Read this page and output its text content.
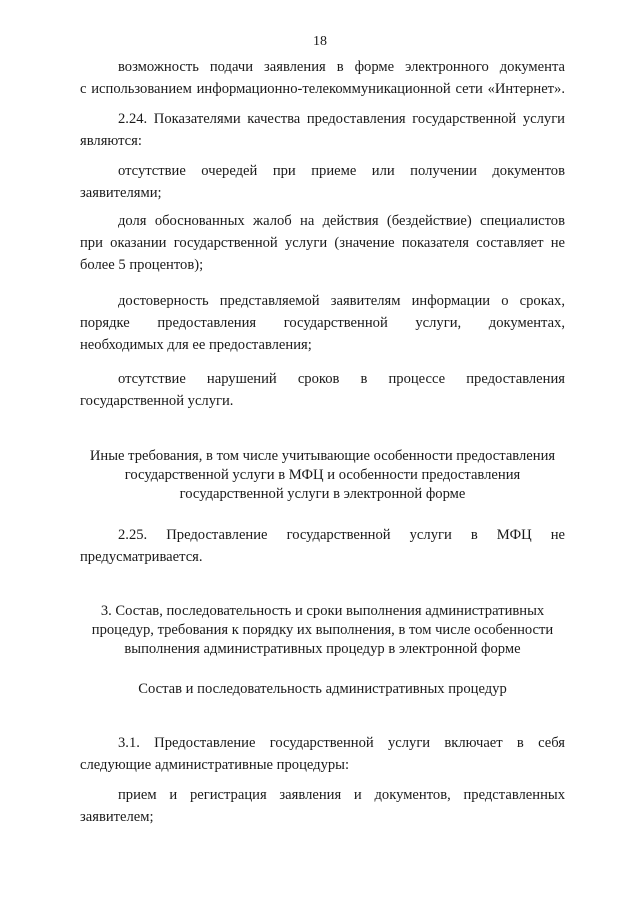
18
возможность подачи заявления в форме электронного документа
с использованием информационно-телекоммуникационной сети «Интернет».
2.24. Показателями качества предоставления государственной услуги
являются:
отсутствие очередей при приеме или получении документов
заявителями;
доля обоснованных жалоб на действия (бездействие) специалистов
при оказании государственной услуги (значение показателя составляет не
более 5 процентов);
достоверность представляемой заявителям информации о сроках,
порядке предоставления государственной услуги, документах,
необходимых для ее предоставления;
отсутствие нарушений сроков в процессе предоставления
государственной услуги.
Иные требования, в том числе учитывающие особенности предоставления
государственной услуги в МФЦ и особенности предоставления
государственной услуги в электронной форме
2.25. Предоставление государственной услуги в МФЦ не
предусматривается.
3. Состав, последовательность и сроки выполнения административных
процедур, требования к порядку их выполнения, в том числе особенности
выполнения административных процедур в электронной форме
Состав и последовательность административных процедур
3.1. Предоставление государственной услуги включает в себя
следующие административные процедуры:
прием и регистрация заявления и документов, представленных
заявителем;
